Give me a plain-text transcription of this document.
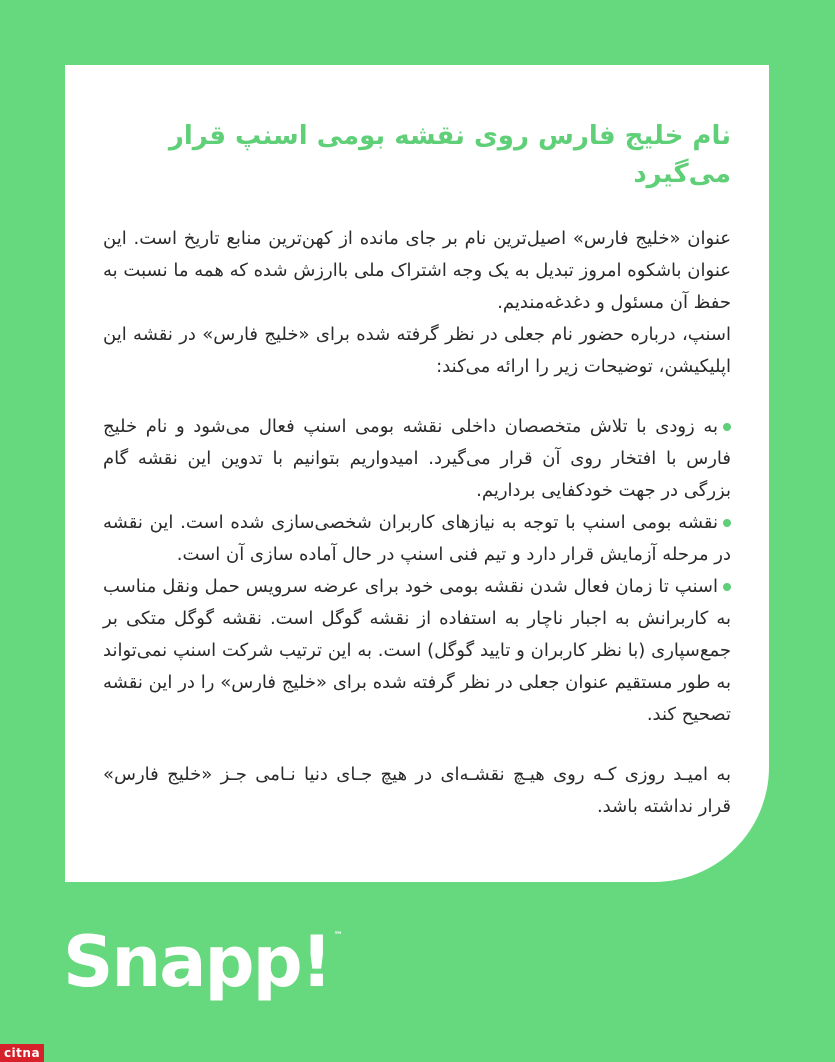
نام خلیج فارس روی نقشه بومی اسنپ قرار می‌گیرد

عنوان «خلیج فارس» اصیل‌ترین نام بر جای مانده از کهن‌ترین منابع تاریخ است. این عنوان باشکوه امروز تبدیل به یک وجه اشتراک ملی باارزش شده که همه ما نسبت به حفظ آن مسئول و دغدغه‌مندیم.

اسنپ، درباره حضور نام جعلی در نظر گرفته شده برای «خلیج فارس» در نقشه این اپلیکیشن، توضیحات زیر را ارائه می‌کند:

به زودی با تلاش متخصصان داخلی نقشه بومی اسنپ فعال می‌شود و نام خلیج فارس با افتخار روی آن قرار می‌گیرد. امیدواریم بتوانیم با تدوین این نقشه گام بزرگی در جهت خودکفایی برداریم.

نقشه بومی اسنپ با توجه به نیازهای کاربران شخصی‌سازی شده است. این نقشه در مرحله آزمایش قرار دارد و تیم فنی اسنپ در حال آماده سازی آن است.

اسنپ تا زمان فعال شدن نقشه بومی خود برای عرضه سرویس حمل ونقل مناسب به کاربرانش به اجبار ناچار به استفاده از نقشه گوگل است. نقشه گوگل متکی بر جمع‌سپاری (با نظر کاربران و تایید گوگل) است. به این ترتیب شرکت اسنپ نمی‌تواند به طور مستقیم عنوان جعلی در نظر گرفته شده برای «خلیج فارس» را در این نقشه تصحیح کند.

به امیـد روزی کـه روی هیـچ نقشـه‌ای در هیچ جـای دنیا نـامی جـز «خلیج فارس» قرار نداشته باشد.

Snapp! ™
citna
